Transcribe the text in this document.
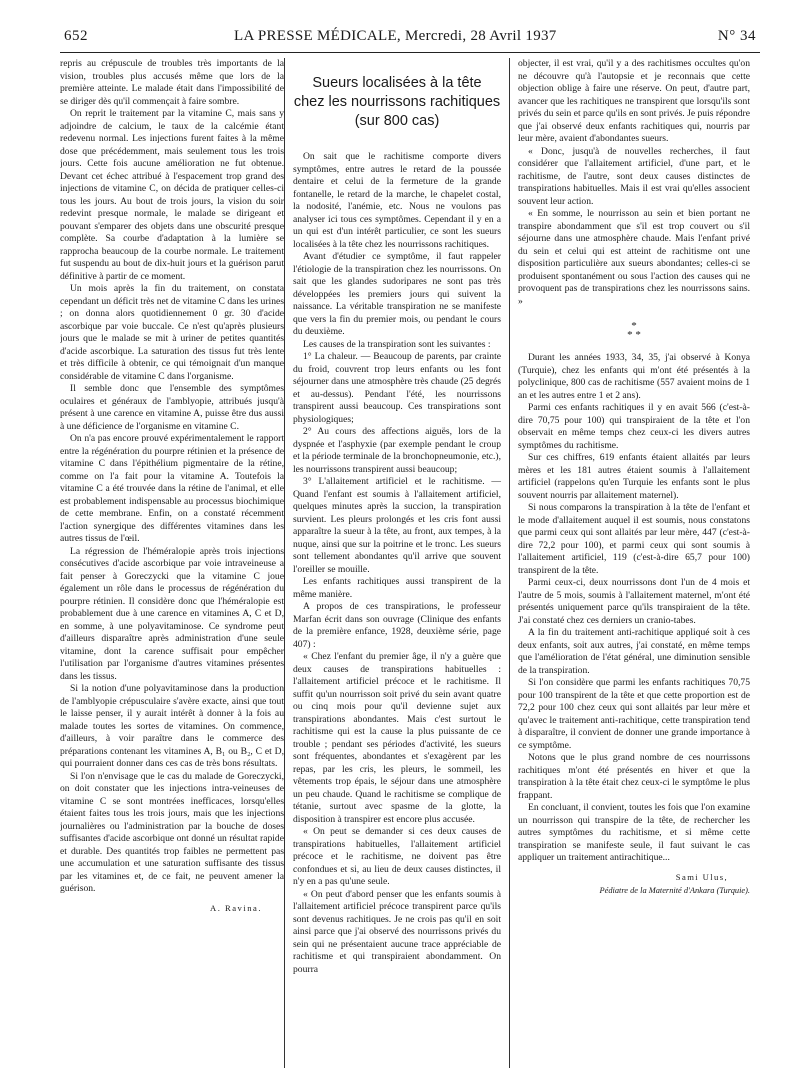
652	LA PRESSE MÉDICALE, Mercredi, 28 Avril 1937	N° 34

repris au crépuscule de troubles très importants de la vision, troubles plus accusés même que lors de la première atteinte. Le malade était dans l'impossibilité de se diriger dès qu'il commençait à faire sombre.

On reprit le traitement par la vitamine C, mais sans y adjoindre de calcium, le taux de la calcémie étant redevenu normal. Les injections furent faites à la même dose que précédemment, mais seulement tous les trois jours. Cette fois aucune amélioration ne fut obtenue. Devant cet échec attribué à l'espacement trop grand des injections de vitamine C, on décida de pratiquer celles-ci tous les jours. Au bout de trois jours, la vision du soir redevint presque normale, le malade se dirigeant et pouvant s'emparer des objets dans une obscurité presque complète. Sa courbe d'adaptation à la lumière se rapprocha beaucoup de la courbe normale. Le traitement fut suspendu au bout de dix-huit jours et la guérison parut définitive à partir de ce moment.

Un mois après la fin du traitement, on constata cependant un déficit très net de vitamine C dans les urines ; on donna alors quotidiennement 0 gr. 30 d'acide ascorbique par voie buccale. Ce n'est qu'après plusieurs jours que le malade se mit à uriner de petites quantités d'acide ascorbique. La saturation des tissus fut très lente et très difficile à obtenir, ce qui témoignait d'un manque considérable de vitamine C dans l'organisme.

Il semble donc que l'ensemble des symptômes oculaires et généraux de l'amblyopie, attribués jusqu'à présent à une carence en vitamine A, puisse être dus aussi à une déficience de l'organisme en vitamine C.

On n'a pas encore prouvé expérimentalement le rapport entre la régénération du pourpre rétinien et la présence de vitamine C dans l'épithélium pigmentaire de la rétine, comme on l'a fait pour la vitamine A. Toutefois la vitamine C a été trouvée dans la rétine de l'animal, et elle est probablement indispensable au processus biochimique de cette membrane. Enfin, on a constaté récemment l'action synergique des différentes vitamines dans les autres tissus de l'œil.

La régression de l'héméralopie après trois injections consécutives d'acide ascorbique par voie intraveineuse a fait penser à Goreczycki que la vitamine C joue également un rôle dans le processus de régénération du pourpre rétinien. Il considère donc que l'héméralopie est probablement due à une carence en vitamines A, C et D, en somme, à une polyavitaminose. Ce syndrome peut d'ailleurs disparaître après administration d'une seule vitamine, dont la carence suffisait pour empêcher l'utilisation par l'organisme d'autres vitamines présentes dans les tissus.

Si la notion d'une polyavitaminose dans la production de l'amblyopie crépusculaire s'avère exacte, ainsi que tout le laisse penser, il y aurait intérêt à donner à la fois au malade toutes les sortes de vitamines. On commence, d'ailleurs, à voir paraître dans le commerce des préparations contenant les vitamines A, B₁ ou B₂, C et D, qui pourraient donner dans ces cas de très bons résultats.

Si l'on n'envisage que le cas du malade de Goreczycki, on doit constater que les injections intra-veineuses de vitamine C se sont montrées inefficaces, lorsqu'elles étaient faites tous les trois jours, mais que les injections journalières ou l'administration par la bouche de doses suffisantes d'acide ascorbique ont donné un résultat rapide et durable. Des quantités trop faibles ne permettent pas une accumulation et une saturation suffisante des tissus par les vitamines et, de ce fait, ne peuvent amener la guérison.

A. Ravina.
Sueurs localisées à la tête
chez les nourrissons rachitiques
(sur 800 cas)

On sait que le rachitisme comporte divers symptômes, entre autres le retard de la poussée dentaire et celui de la fermeture de la grande fontanelle, le retard de la marche, le chapelet costal, la nodosité, l'anémie, etc. Nous ne voulons pas analyser ici tous ces symptômes. Cependant il y en a un qui est d'un intérêt particulier, ce sont les sueurs localisées à la tête chez les nourrissons rachitiques.

Avant d'étudier ce symptôme, il faut rappeler l'étiologie de la transpiration chez les nourrissons. On sait que les glandes sudoripares ne sont pas très développées les premiers jours qui suivent la naissance. La véritable transpiration ne se manifeste que vers la fin du premier mois, ou pendant le cours du deuxième.

Les causes de la transpiration sont les suivantes :

1° La chaleur. — Beaucoup de parents, par crainte du froid, couvrent trop leurs enfants ou les font séjourner dans une atmosphère très chaude (25 degrés et au-dessus). Pendant l'été, les nourrissons transpirent aussi beaucoup. Ces transpirations sont physiologiques;

2° Au cours des affections aiguës, lors de la dyspnée et l'asphyxie (par exemple pendant le croup et la période terminale de la bronchopneumonie, etc.), les nourrissons transpirent aussi beaucoup;

3° L'allaitement artificiel et le rachitisme. — Quand l'enfant est soumis à l'allaitement artificiel, quelques minutes après la succion, la transpiration survient. Les pleurs prolongés et les cris font aussi apparaître la sueur à la tête, au front, aux tempes, à la nuque, ainsi que sur la poitrine et le tronc. Les sueurs sont tellement abondantes qu'il arrive que souvent l'oreiller se mouille.

Les enfants rachitiques aussi transpirent de la même manière.

A propos de ces transpirations, le professeur Marfan écrit dans son ouvrage (Clinique des enfants de la première enfance, 1928, deuxième série, page 407) :

« Chez l'enfant du premier âge, il n'y a guère que deux causes de transpirations habituelles : l'allaitement artificiel précoce et le rachitisme. Il suffit qu'un nourrisson soit privé du sein avant quatre ou cinq mois pour qu'il devienne sujet aux transpirations abondantes. Mais c'est surtout le rachitisme qui est la cause la plus puissante de ce trouble ; pendant ses périodes d'activité, les sueurs sont fréquentes, abondantes et s'exagèrent par les repas, par les cris, les pleurs, le sommeil, les vêtements trop épais, le séjour dans une atmosphère un peu chaude. Quand le rachitisme se complique de tétanie, surtout avec spasme de la glotte, la disposition à transpirer est encore plus accusée.

« On peut se demander si ces deux causes de transpirations habituelles, l'allaitement artificiel précoce et le rachitisme, ne doivent pas être confondues et si, au lieu de deux causes distinctes, il n'y en a pas qu'une seule.

« On peut d'abord penser que les enfants soumis à l'allaitement artificiel précoce transpirent parce qu'ils sont devenus rachitiques. Je ne crois pas qu'il en soit ainsi parce que j'ai observé des nourrissons privés du sein qui ne présentaient aucune trace appréciable de rachitisme et qui transpiraient abondamment. On pourra

objecter, il est vrai, qu'il y a des rachitismes occultes qu'on ne découvre qu'à l'autopsie et je reconnais que cette objection oblige à faire une réserve. On peut, d'autre part, avancer que les rachitiques ne transpirent que lorsqu'ils sont privés du sein et parce qu'ils en sont privés. Je puis répondre que j'ai observé deux enfants rachitiques qui, nourris par leur mère, avaient d'abondantes sueurs.

« Donc, jusqu'à de nouvelles recherches, il faut considérer que l'allaitement artificiel, d'une part, et le rachitisme, de l'autre, sont deux causes distinctes de transpirations habituelles. Mais il est vrai qu'elles associent souvent leur action.

« En somme, le nourrisson au sein et bien portant ne transpire abondamment que s'il est trop couvert ou s'il séjourne dans une atmosphère chaude. Mais l'enfant privé du sein et celui qui est atteint de rachitisme ont une disposition particulière aux sueurs abondantes; celles-ci se produisent spontanément ou sous l'action des causes qui ne provoquent pas de transpirations chez les nourrissons sains. »

*
* *

Durant les années 1933, 34, 35, j'ai observé à Konya (Turquie), chez les enfants qui m'ont été présentés à la polyclinique, 800 cas de rachitisme (557 avaient moins de 1 an et les autres entre 1 et 2 ans).

Parmi ces enfants rachitiques il y en avait 566 (c'est-à-dire 70,75 pour 100) qui transpiraient de la tête et l'on observait en même temps chez ceux-ci les divers autres symptômes du rachitisme.

Sur ces chiffres, 619 enfants étaient allaités par leurs mères et les 181 autres étaient soumis à l'allaitement artificiel (rappelons qu'en Turquie les enfants sont le plus souvent nourris par allaitement maternel).

Si nous comparons la transpiration à la tête de l'enfant et le mode d'allaitement auquel il est soumis, nous constatons que parmi ceux qui sont allaités par leur mère, 447 (c'est-à-dire 72,2 pour 100), et parmi ceux qui sont soumis à l'allaitement artificiel, 119 (c'est-à-dire 65,7 pour 100) transpirent de la tête.

Parmi ceux-ci, deux nourrissons dont l'un de 4 mois et l'autre de 5 mois, soumis à l'allaitement maternel, m'ont été présentés uniquement parce qu'ils transpiraient de la tête. J'ai constaté chez ces derniers un cranio-tabes.

A la fin du traitement anti-rachitique appliqué soit à ces deux enfants, soit aux autres, j'ai constaté, en même temps que l'amélioration de l'état général, une diminution sensible de la transpiration.

Si l'on considère que parmi les enfants rachitiques 70,75 pour 100 transpirent de la tête et que cette proportion est de 72,2 pour 100 chez ceux qui sont allaités par leur mère et qu'avec le traitement anti-rachitique, cette transpiration tend à disparaître, il convient de donner une grande importance à ce symptôme.

Notons que le plus grand nombre de ces nourrissons rachitiques m'ont été présentés en hiver et que la transpiration à la tête était chez ceux-ci le symptôme le plus frappant.

En concluant, il convient, toutes les fois que l'on examine un nourrisson qui transpire de la tête, de rechercher les autres symptômes du rachitisme, et si même cette transpiration se manifeste seule, il faut suivant le cas appliquer un traitement antirachitique...

Sami Ulus,
Pédiatre de la Maternité d'Ankara (Turquie).
